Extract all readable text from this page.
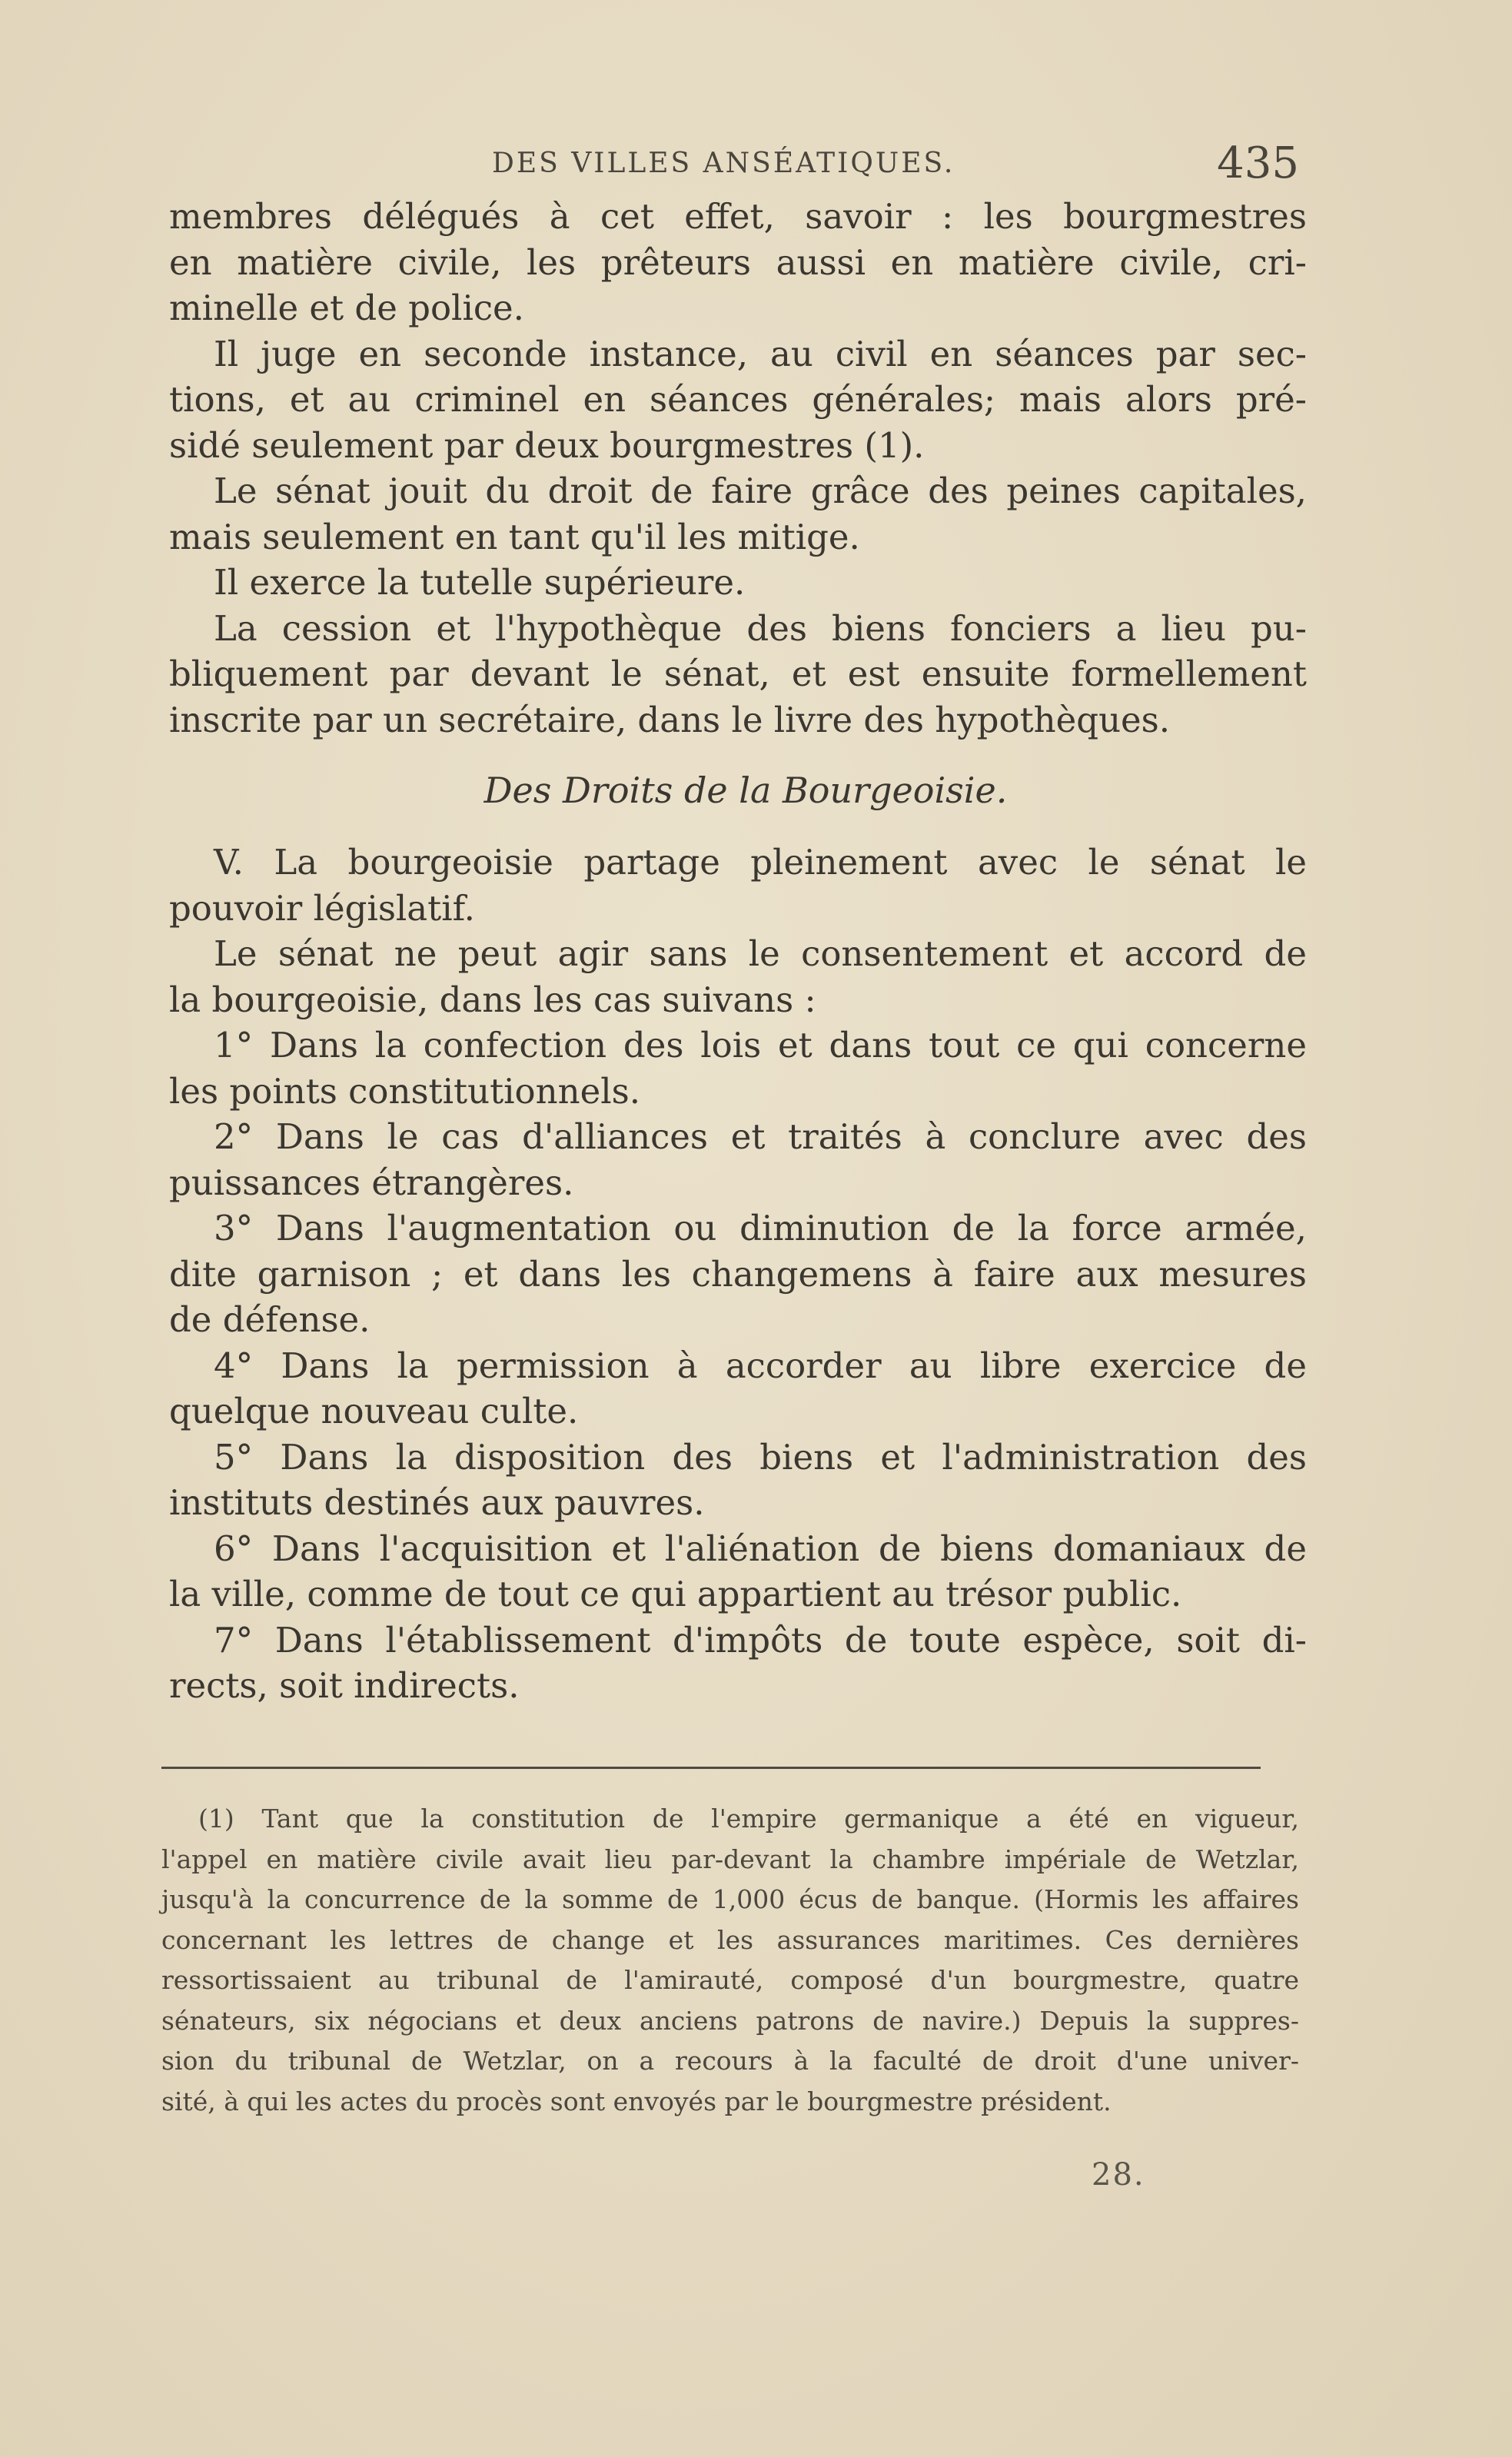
DES VILLES ANSÉATIQUES.	435
membres délégués à cet effet, savoir : les bourgmestres
en matière civile, les prêteurs aussi en matière civile, cri-
minelle et de police.
Il juge en seconde instance, au civil en séances par sec-
tions, et au criminel en séances générales; mais alors pré-
sidé seulement par deux bourgmestres (1).
Le sénat jouit du droit de faire grâce des peines capitales,
mais seulement en tant qu'il les mitige.
Il exerce la tutelle supérieure.
La cession et l'hypothèque des biens fonciers a lieu pu-
bliquement par devant le sénat, et est ensuite formellement
inscrite par un secrétaire, dans le livre des hypothèques.
Des Droits de la Bourgeoisie.
V. La bourgeoisie partage pleinement avec le sénat le
pouvoir législatif.
Le sénat ne peut agir sans le consentement et accord de
la bourgeoisie, dans les cas suivans :
1° Dans la confection des lois et dans tout ce qui concerne
les points constitutionnels.
2° Dans le cas d'alliances et traités à conclure avec des
puissances étrangères.
3° Dans l'augmentation ou diminution de la force armée,
dite garnison ; et dans les changemens à faire aux mesures
de défense.
4° Dans la permission à accorder au libre exercice de
quelque nouveau culte.
5° Dans la disposition des biens et l'administration des
instituts destinés aux pauvres.
6° Dans l'acquisition et l'aliénation de biens domaniaux de
la ville, comme de tout ce qui appartient au trésor public.
7° Dans l'établissement d'impôts de toute espèce, soit di-
rects, soit indirects.
(1) Tant que la constitution de l'empire germanique a été en vigueur,
l'appel en matière civile avait lieu par-devant la chambre impériale de Wetzlar,
jusqu'à la concurrence de la somme de 1,000 écus de banque. (Hormis les affaires
concernant les lettres de change et les assurances maritimes. Ces dernières
ressortissaient au tribunal de l'amirauté, composé d'un bourgmestre, quatre
sénateurs, six négocians et deux anciens patrons de navire.) Depuis la suppres-
sion du tribunal de Wetzlar, on a recours à la faculté de droit d'une univer-
sité, à qui les actes du procès sont envoyés par le bourgmestre président.
28.
